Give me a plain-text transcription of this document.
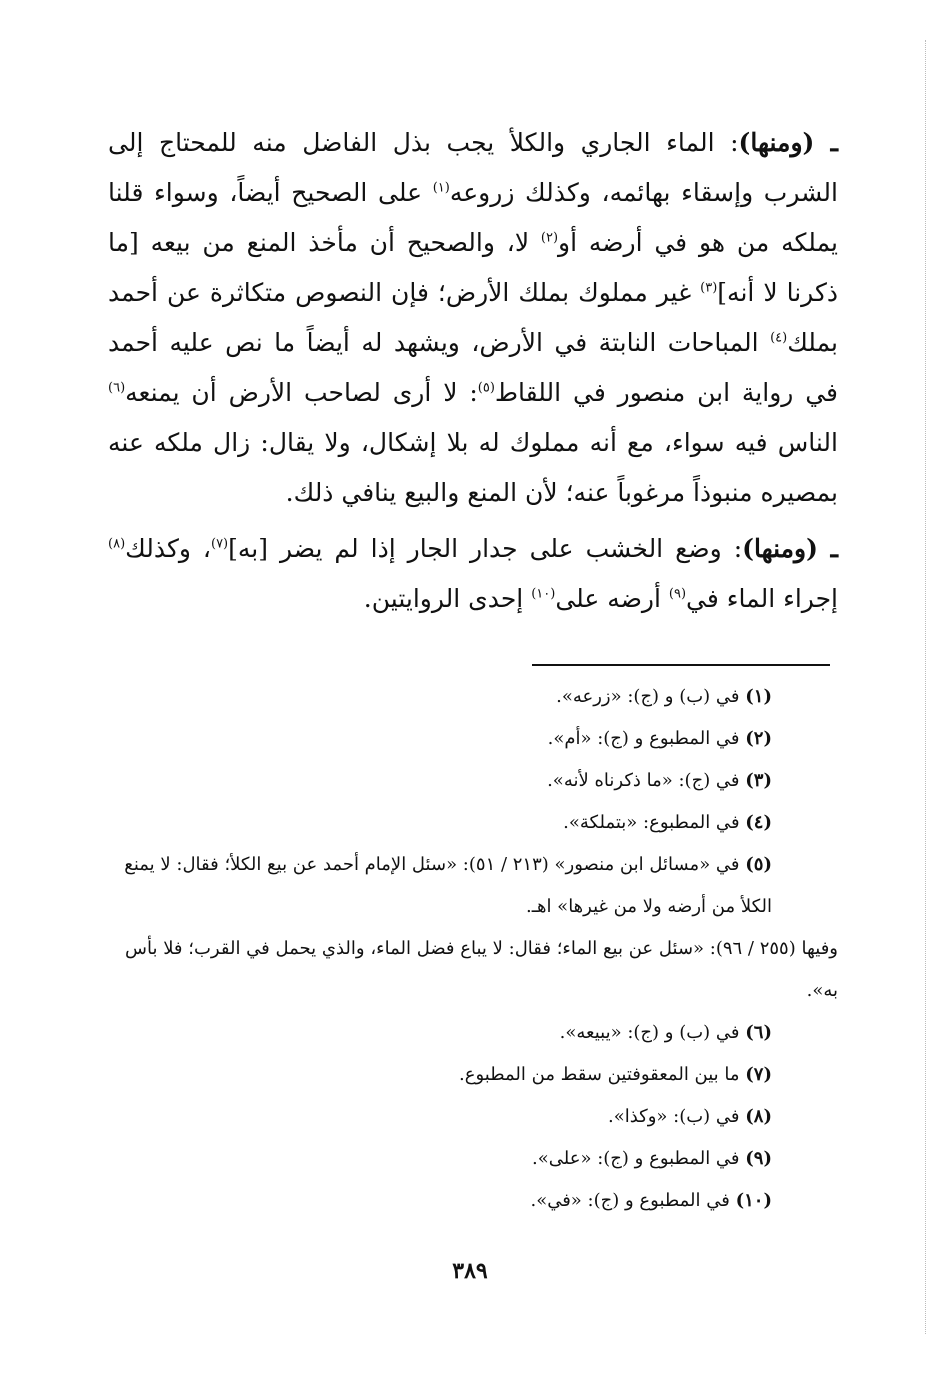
ـ (ومنها): الماء الجاري والكلأ يجب بذل الفاضل منه للمحتاج إلى الشرب وإسقاء بهائمه، وكذلك زروعه$^{(١)}$ على الصحيح أيضاً، وسواء قلنا يملكه من هو في أرضه أو$^{(٢)}$ لا، والصحيح أن مأخذ المنع من بيعه [ما ذكرنا لا أنه]$^{(٣)}$ غير مملوك بملك الأرض؛ فإن النصوص متكاثرة عن أحمد بملك$^{(٤)}$ المباحات النابتة في الأرض، ويشهد له أيضاً ما نص عليه أحمد في رواية ابن منصور في اللقاط$^{(٥)}$: لا أرى لصاحب الأرض أن يمنعه$^{(٦)}$ الناس فيه سواء، مع أنه مملوك له بلا إشكال، ولا يقال: زال ملكه عنه بمصيره منبوذاً مرغوباً عنه؛ لأن المنع والبيع ينافي ذلك.

ـ (ومنها): وضع الخشب على جدار الجار إذا لم يضر [به]$^{(٧)}$، وكذلك$^{(٨)}$ إجراء الماء في$^{(٩)}$ أرضه على$^{(١٠)}$ إحدى الروايتين.

(١) في (ب) و (ج): «زرعه».

(٢) في المطبوع و (ج): «أم».

(٣) في (ج): «ما ذكرناه لأنه».

(٤) في المطبوع: «بتملكة».

(٥) في «مسائل ابن منصور» (٢١٣ / ٥١): «سئل الإمام أحمد عن بيع الكلأ؛ فقال: لا يمنع الكلأ من أرضه ولا من غيرها» اهـ.

وفيها (٢٥٥ / ٩٦): «سئل عن بيع الماء؛ فقال: لا يباع فضل الماء، والذي يحمل في القرب؛ فلا بأس به».

(٦) في (ب) و (ج): «يبيعه».

(٧) ما بين المعقوفتين سقط من المطبوع.

(٨) في (ب): «وكذا».

(٩) في المطبوع و (ج): «على».

(١٠) في المطبوع و (ج): «في».

٣٨٩
